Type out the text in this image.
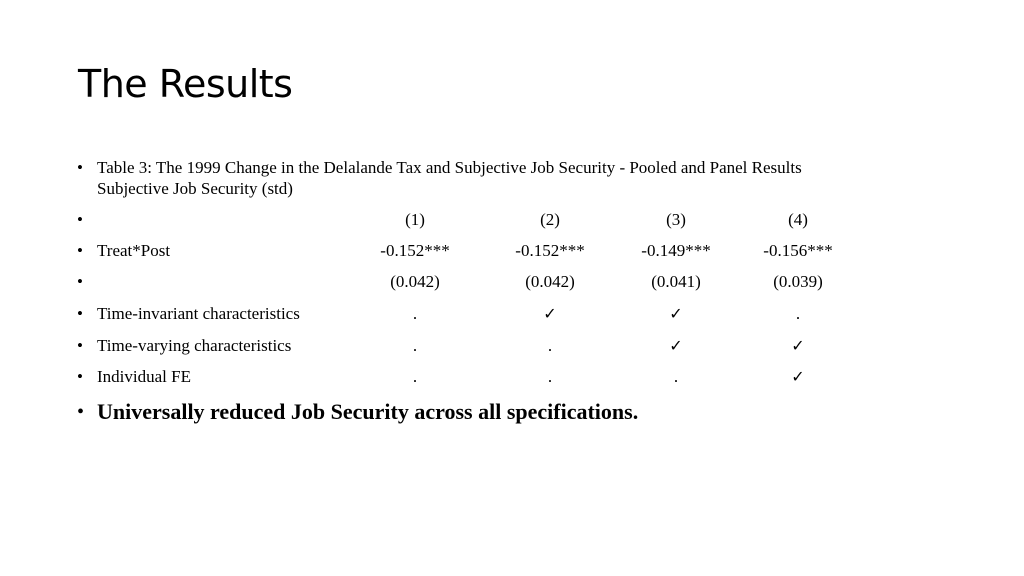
The Results
• Table 3: The 1999 Change in the Delalande Tax and Subjective Job Security - Pooled and Panel Results
Subjective Job Security (std)
•	(1)	(2)	(3)	(4)
• Treat*Post	-0.152***	-0.152***	-0.149***	-0.156***
•	(0.042)	(0.042)	(0.041)	(0.039)
• Time-invariant characteristics	.	✓	✓	.
• Time-varying characteristics	.	.	✓	✓
• Individual FE	.	.	.	✓
• Universally reduced Job Security across all specifications.
